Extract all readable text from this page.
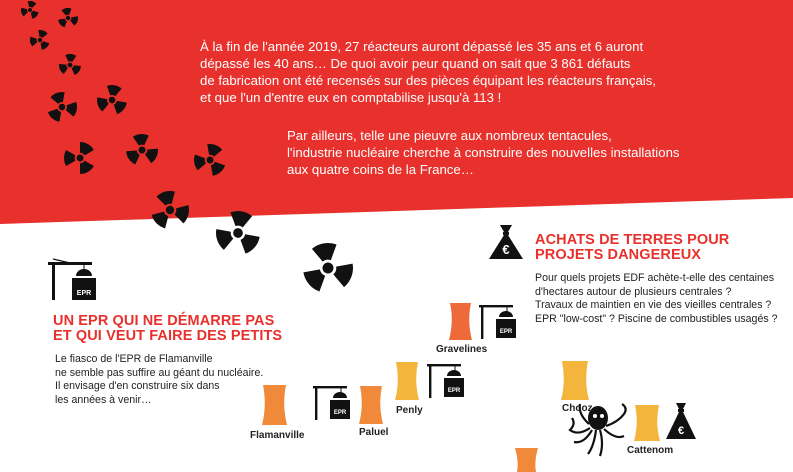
À la fin de l'année 2019, 27 réacteurs auront dépassé les 35 ans et 6 auront
dépassé les 40 ans… De quoi avoir peur quand on sait que 3 861 défauts
de fabrication ont été recensés sur des pièces équipant les réacteurs français,
et que l'un d'entre eux en comptabilise jusqu'à 113 !

Par ailleurs, telle une pieuvre aux nombreux tentacules,
l'industrie nucléaire cherche à construire des nouvelles installations
aux quatre coins de la France…

€
ACHATS DE TERRES POUR
PROJETS DANGEREUX

Pour quels projets EDF achète-t-elle des centaines
d'hectares autour de plusieurs centrales ?
Travaux de maintien en vie des vieilles centrales ?
EPR "low-cost" ? Piscine de combustibles usagés ?

EPR
UN EPR QUI NE DÉMARRE PAS
ET QUI VEUT FAIRE DES PETITS

Le fiasco de l'EPR de Flamanville
ne semble pas suffire au géant du nucléaire.
Il envisage d'en construire six dans
les années à venir…

EPR
EPR
EPR
€
Gravelines
Flamanville	Paluel
Penly	Chooz
Cattenom
